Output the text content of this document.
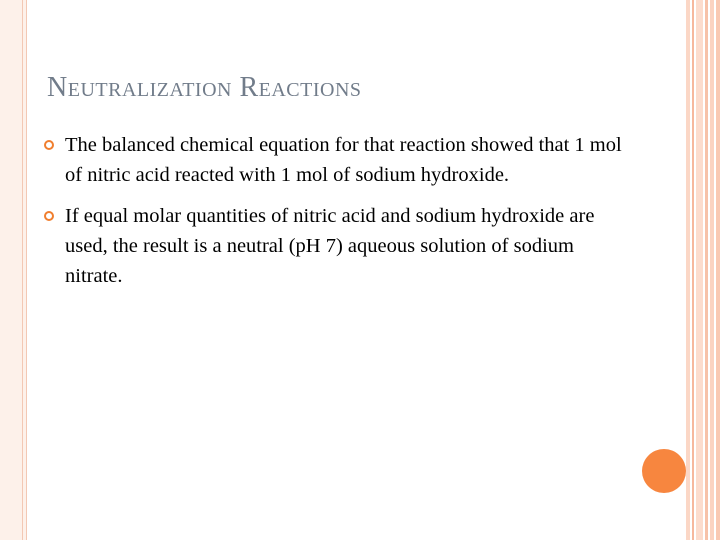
Neutralization Reactions
The balanced chemical equation for that reaction showed that 1 mol of nitric acid reacted with 1 mol of sodium hydroxide.
If equal molar quantities of nitric acid and sodium hydroxide are used, the result is a neutral (pH 7) aqueous solution of sodium nitrate.
